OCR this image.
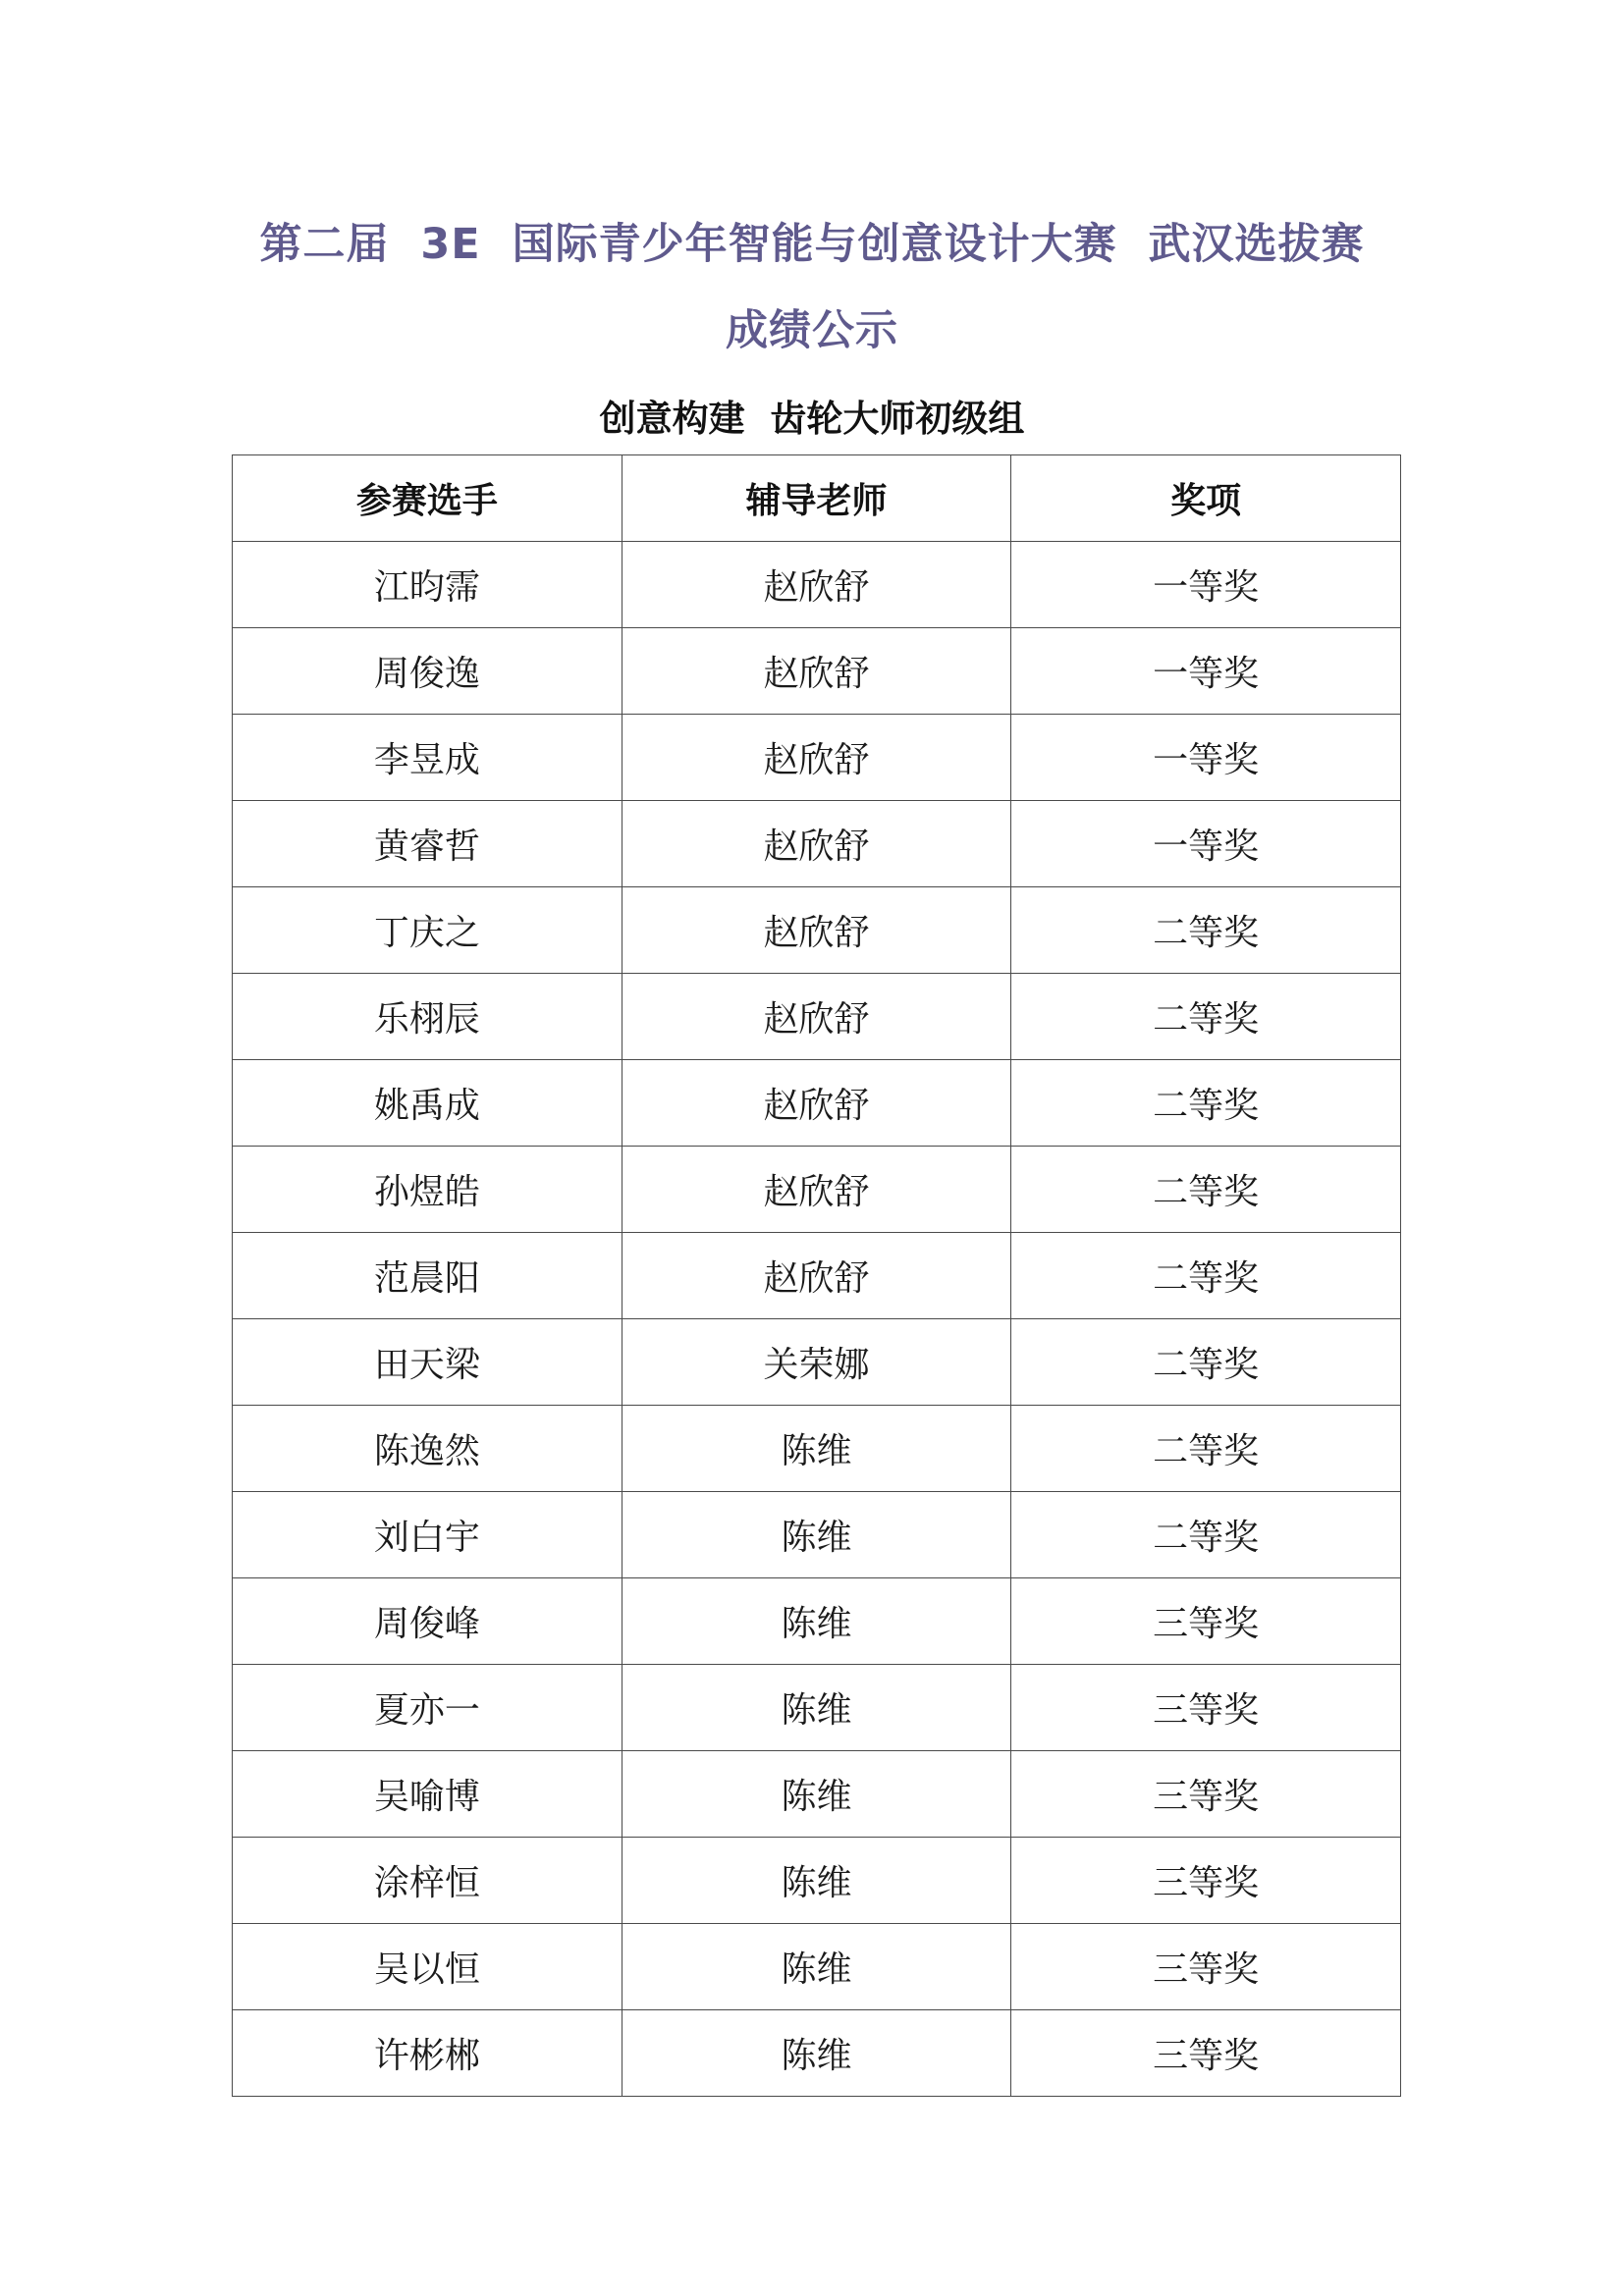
第二届  3E  国际青少年智能与创意设计大赛  武汉选拔赛
成绩公示
创意构建  齿轮大师初级组
参赛选手	辅导老师	奖项
江昀霈	赵欣舒	一等奖
周俊逸	赵欣舒	一等奖
李昱成	赵欣舒	一等奖
黄睿哲	赵欣舒	一等奖
丁庆之	赵欣舒	二等奖
乐栩辰	赵欣舒	二等奖
姚禹成	赵欣舒	二等奖
孙煜皓	赵欣舒	二等奖
范晨阳	赵欣舒	二等奖
田天梁	关荣娜	二等奖
陈逸然	陈维	二等奖
刘白宇	陈维	二等奖
周俊峰	陈维	三等奖
夏亦一	陈维	三等奖
吴喻博	陈维	三等奖
涂梓恒	陈维	三等奖
吴以恒	陈维	三等奖
许彬郴	陈维	三等奖
